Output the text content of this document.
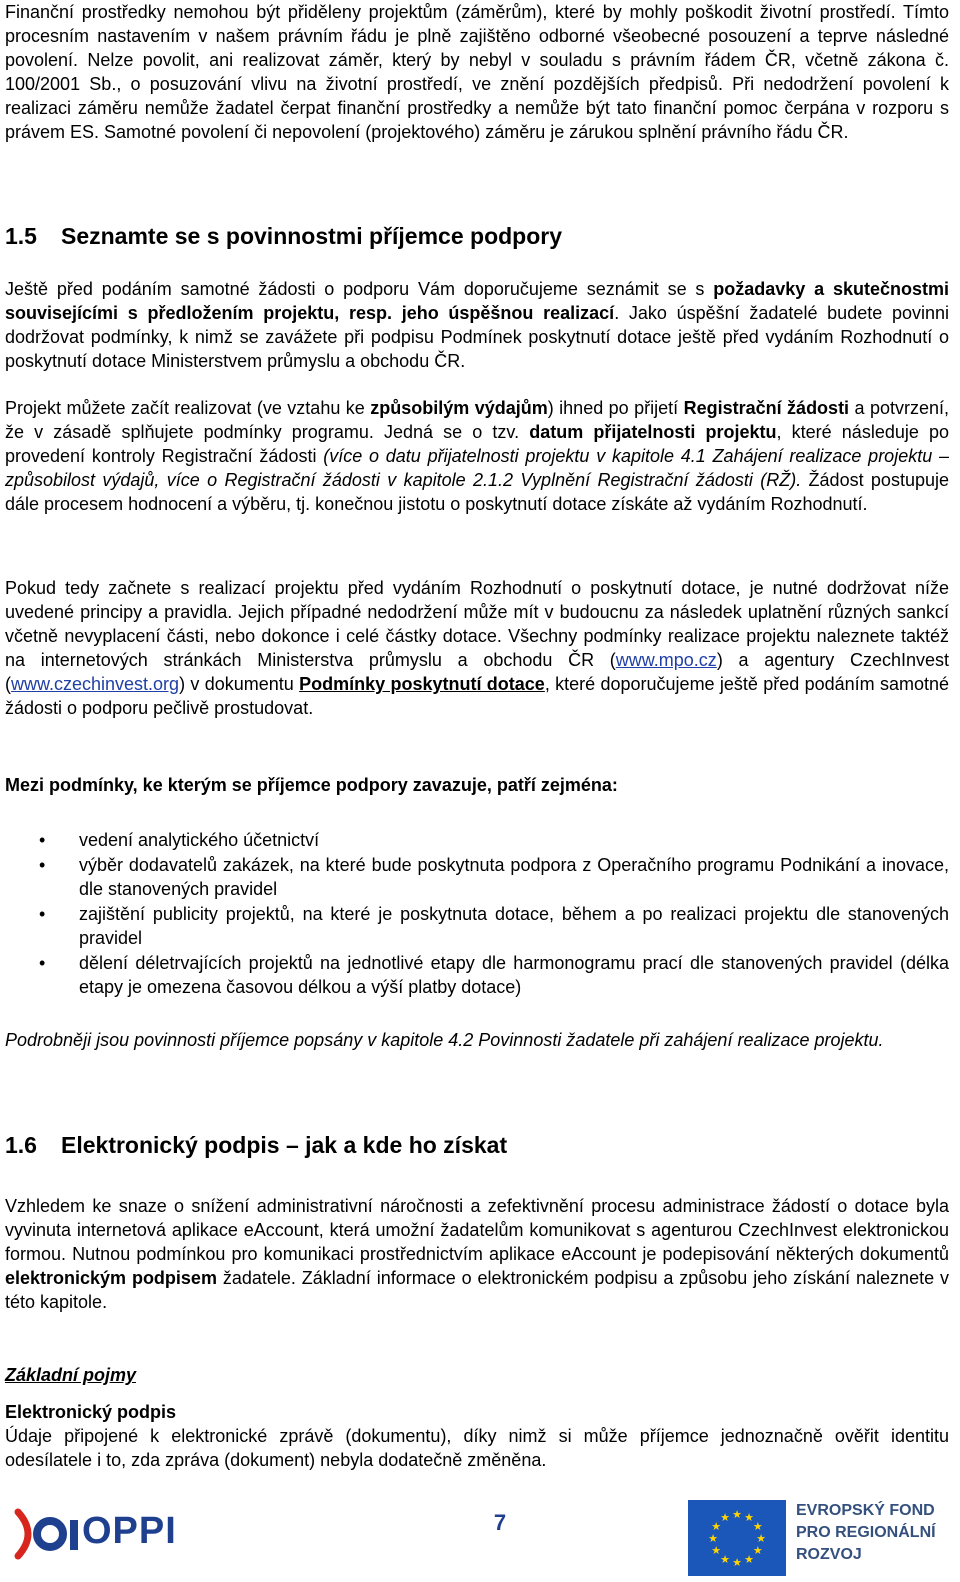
Finanční prostředky nemohou být přiděleny projektům (záměrům), které by mohly poškodit životní prostředí. Tímto procesním nastavením v našem právním řádu je plně zajištěno odborné všeobecné posouzení a teprve následné povolení. Nelze povolit, ani realizovat záměr, který by nebyl v souladu s právním řádem ČR, včetně zákona č. 100/2001 Sb., o posuzování vlivu na životní prostředí, ve znění pozdějších předpisů. Při nedodržení povolení k realizaci záměru nemůže žadatel čerpat finanční prostředky a nemůže být tato finanční pomoc čerpána v rozporu s právem ES. Samotné povolení či nepovolení (projektového) záměru je zárukou splnění právního řádu ČR.

1.5 Seznamte se s povinnostmi příjemce podpory

Ještě před podáním samotné žádosti o podporu Vám doporučujeme seznámit se s požadavky a skutečnostmi souvisejícími s předložením projektu, resp. jeho úspěšnou realizací. Jako úspěšní žadatelé budete povinni dodržovat podmínky, k nimž se zavážete při podpisu Podmínek poskytnutí dotace ještě před vydáním Rozhodnutí o poskytnutí dotace Ministerstvem průmyslu a obchodu ČR.

Projekt můžete začít realizovat (ve vztahu ke způsobilým výdajům) ihned po přijetí Registrační žádosti a potvrzení, že v zásadě splňujete podmínky programu. Jedná se o tzv. datum přijatelnosti projektu, které následuje po provedení kontroly Registrační žádosti (více o datu přijatelnosti projektu v kapitole 4.1 Zahájení realizace projektu – způsobilost výdajů, více o Registrační žádosti v kapitole 2.1.2 Vyplnění Registrační žádosti (RŽ). Žádost postupuje dále procesem hodnocení a výběru, tj. konečnou jistotu o poskytnutí dotace získáte až vydáním Rozhodnutí.

Pokud tedy začnete s realizací projektu před vydáním Rozhodnutí o poskytnutí dotace, je nutné dodržovat níže uvedené principy a pravidla. Jejich případné nedodržení může mít v budoucnu za následek uplatnění různých sankcí včetně nevyplacení části, nebo dokonce i celé částky dotace. Všechny podmínky realizace projektu naleznete taktéž na internetových stránkách Ministerstva průmyslu a obchodu ČR (www.mpo.cz) a agentury CzechInvest (www.czechinvest.org) v dokumentu Podmínky poskytnutí dotace, které doporučujeme ještě před podáním samotné žádosti o podporu pečlivě prostudovat.

Mezi podmínky, ke kterým se příjemce podpory zavazuje, patří zejména:

• vedení analytického účetnictví
• výběr dodavatelů zakázek, na které bude poskytnuta podpora z Operačního programu Podnikání a inovace, dle stanovených pravidel
• zajištění publicity projektů, na které je poskytnuta dotace, během a po realizaci projektu dle stanovených pravidel
• dělení déletrvajících projektů na jednotlivé etapy dle harmonogramu prací dle stanovených pravidel (délka etapy je omezena časovou délkou a výší platby dotace)

Podrobněji jsou povinnosti příjemce popsány v kapitole 4.2 Povinnosti žadatele při zahájení realizace projektu.

1.6 Elektronický podpis – jak a kde ho získat

Vzhledem ke snaze o snížení administrativní náročnosti a zefektivnění procesu administrace žádostí o dotace byla vyvinuta internetová aplikace eAccount, která umožní žadatelům komunikovat s agenturou CzechInvest elektronickou formou. Nutnou podmínkou pro komunikaci prostřednictvím aplikace eAccount je podepisování některých dokumentů elektronickým podpisem žadatele. Základní informace o elektronickém podpisu a způsobu jeho získání naleznete v této kapitole.

Základní pojmy

Elektronický podpis

Údaje připojené k elektronické zprávě (dokumentu), díky nimž si může příjemce jednoznačně ověřit identitu odesílatele i to, zda zpráva (dokument) nebyla dodatečně změněna.

OPPI	7
★
★
★
★
★
★
★
★
★ ★ ★
★
EVROPSKÝ FOND
PRO REGIONÁLNÍ
ROZVOJ
